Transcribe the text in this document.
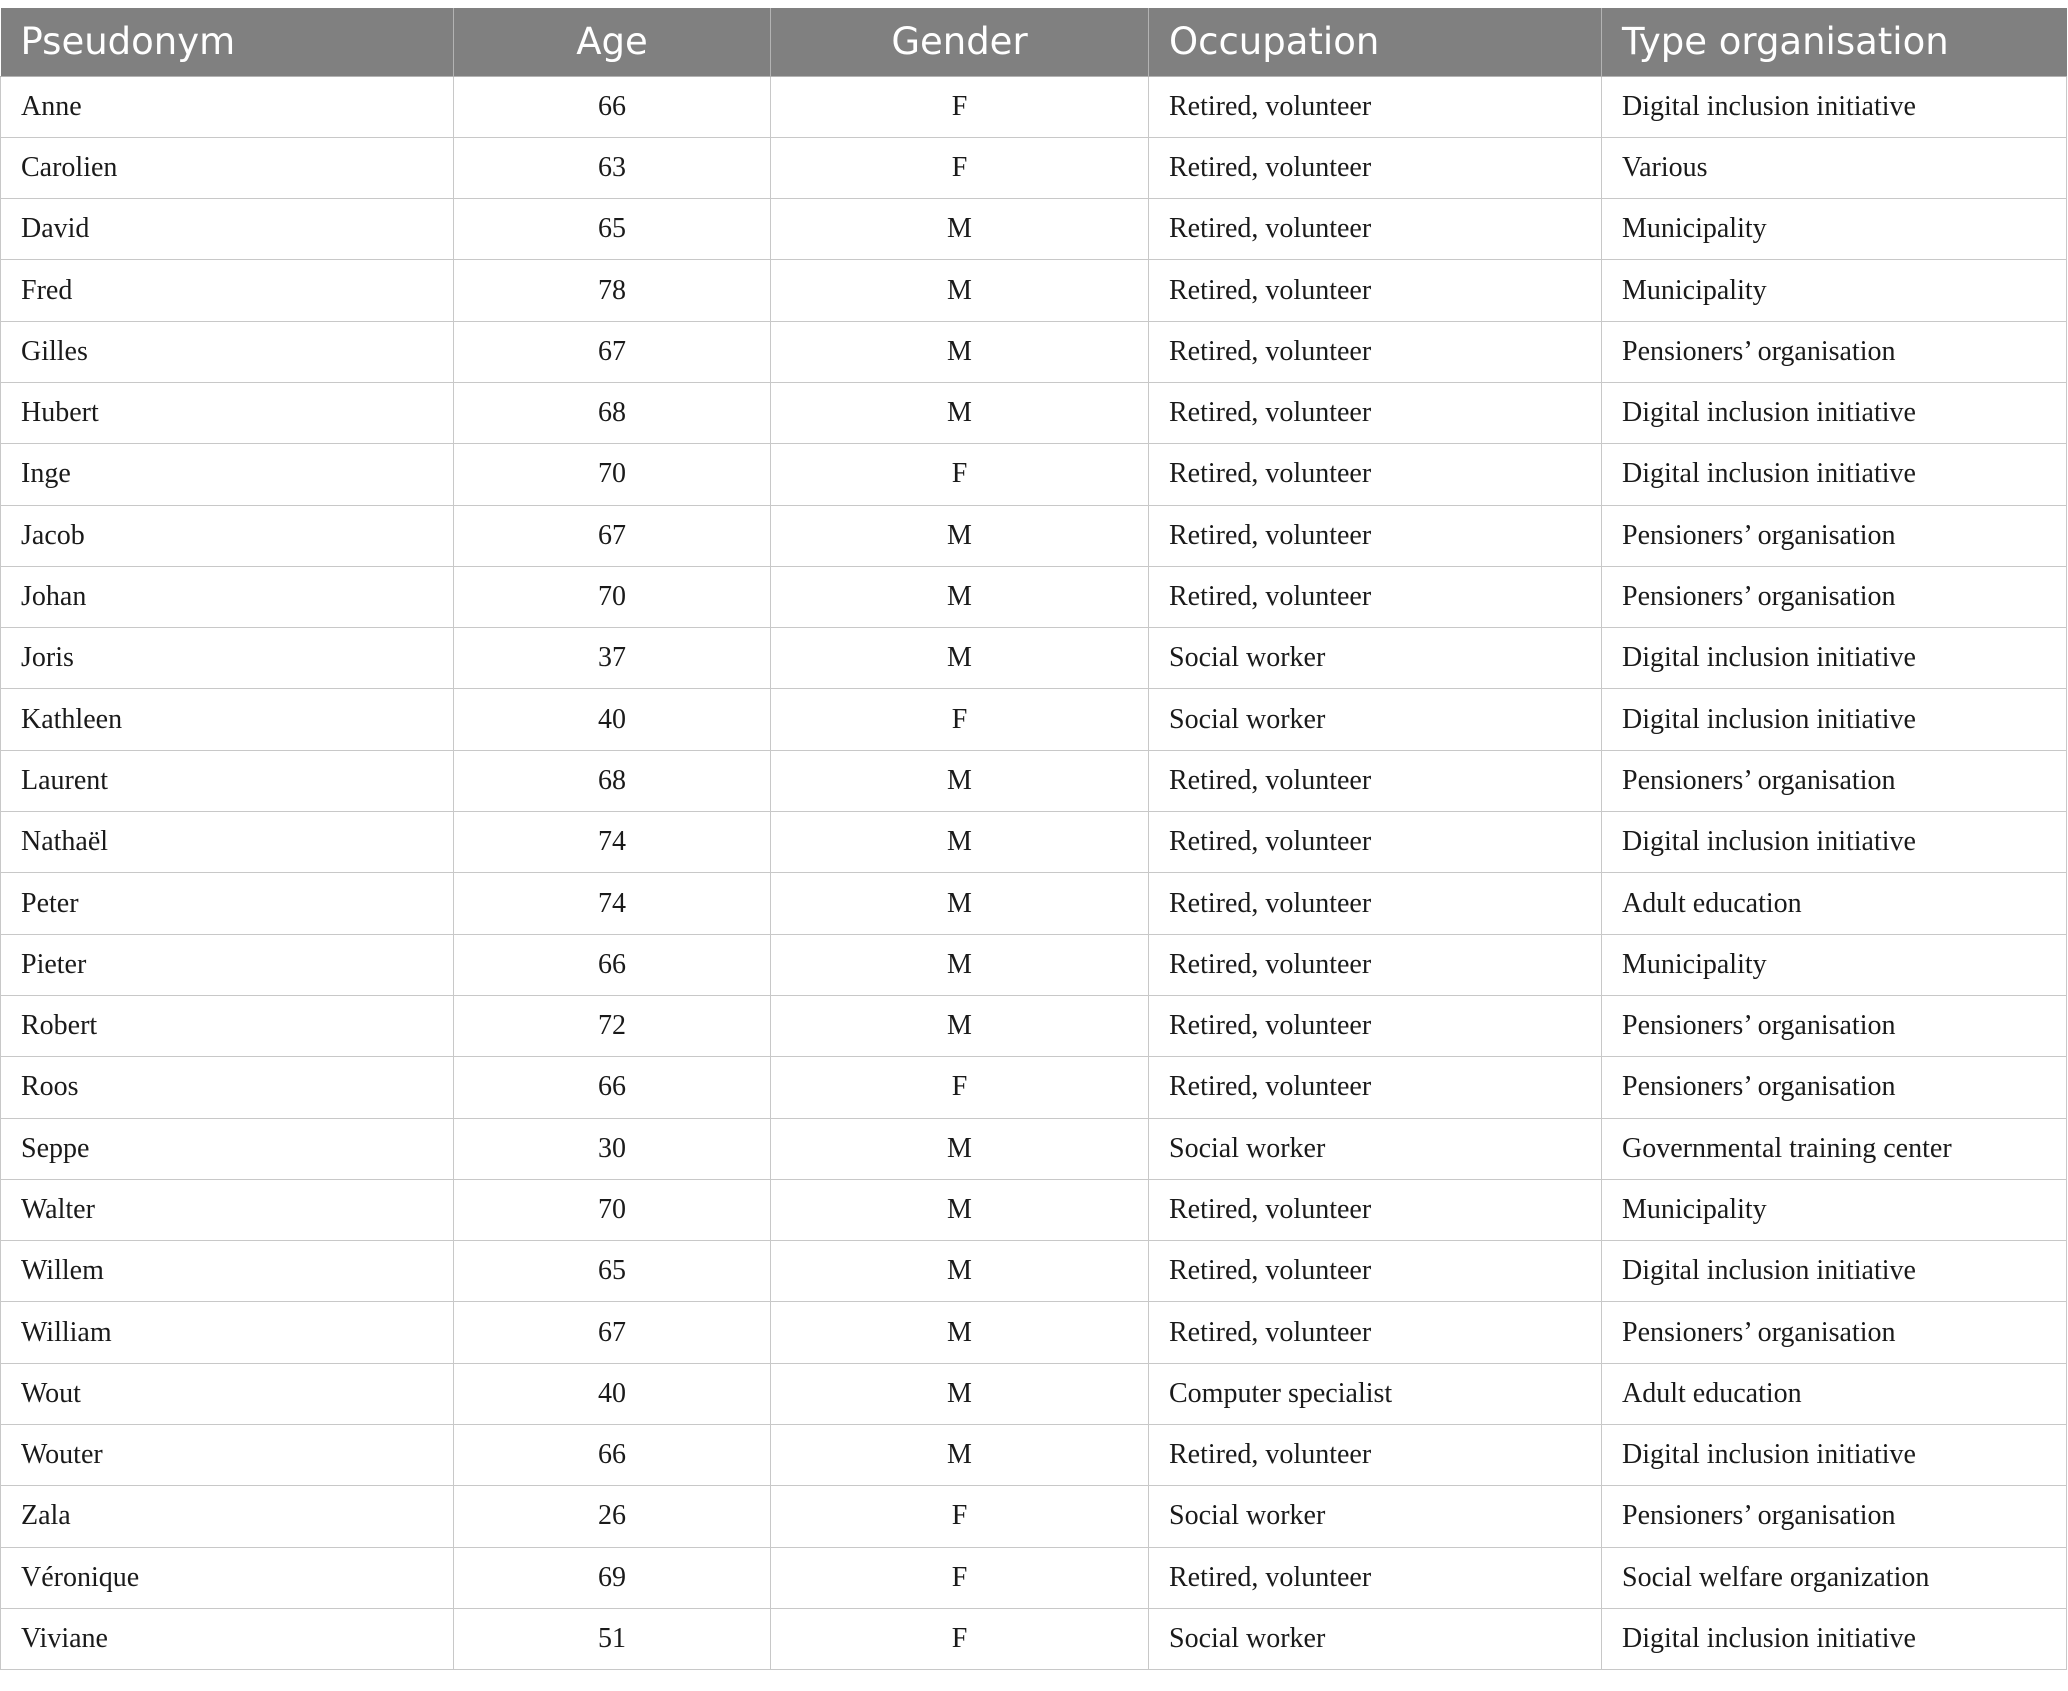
Pseudonym	Age	Gender	Occupation	Type organisation
Anne	66	F	Retired, volunteer	Digital inclusion initiative
Carolien	63	F	Retired, volunteer	Various
David	65	M	Retired, volunteer	Municipality
Fred	78	M	Retired, volunteer	Municipality
Gilles	67	M	Retired, volunteer	Pensioners’ organisation
Hubert	68	M	Retired, volunteer	Digital inclusion initiative
Inge	70	F	Retired, volunteer	Digital inclusion initiative
Jacob	67	M	Retired, volunteer	Pensioners’ organisation
Johan	70	M	Retired, volunteer	Pensioners’ organisation
Joris	37	M	Social worker	Digital inclusion initiative
Kathleen	40	F	Social worker	Digital inclusion initiative
Laurent	68	M	Retired, volunteer	Pensioners’ organisation
Nathaël	74	M	Retired, volunteer	Digital inclusion initiative
Peter	74	M	Retired, volunteer	Adult education
Pieter	66	M	Retired, volunteer	Municipality
Robert	72	M	Retired, volunteer	Pensioners’ organisation
Roos	66	F	Retired, volunteer	Pensioners’ organisation
Seppe	30	M	Social worker	Governmental training center
Walter	70	M	Retired, volunteer	Municipality
Willem	65	M	Retired, volunteer	Digital inclusion initiative
William	67	M	Retired, volunteer	Pensioners’ organisation
Wout	40	M	Computer specialist	Adult education
Wouter	66	M	Retired, volunteer	Digital inclusion initiative
Zala	26	F	Social worker	Pensioners’ organisation
Véronique	69	F	Retired, volunteer	Social welfare organization
Viviane	51	F	Social worker	Digital inclusion initiative
